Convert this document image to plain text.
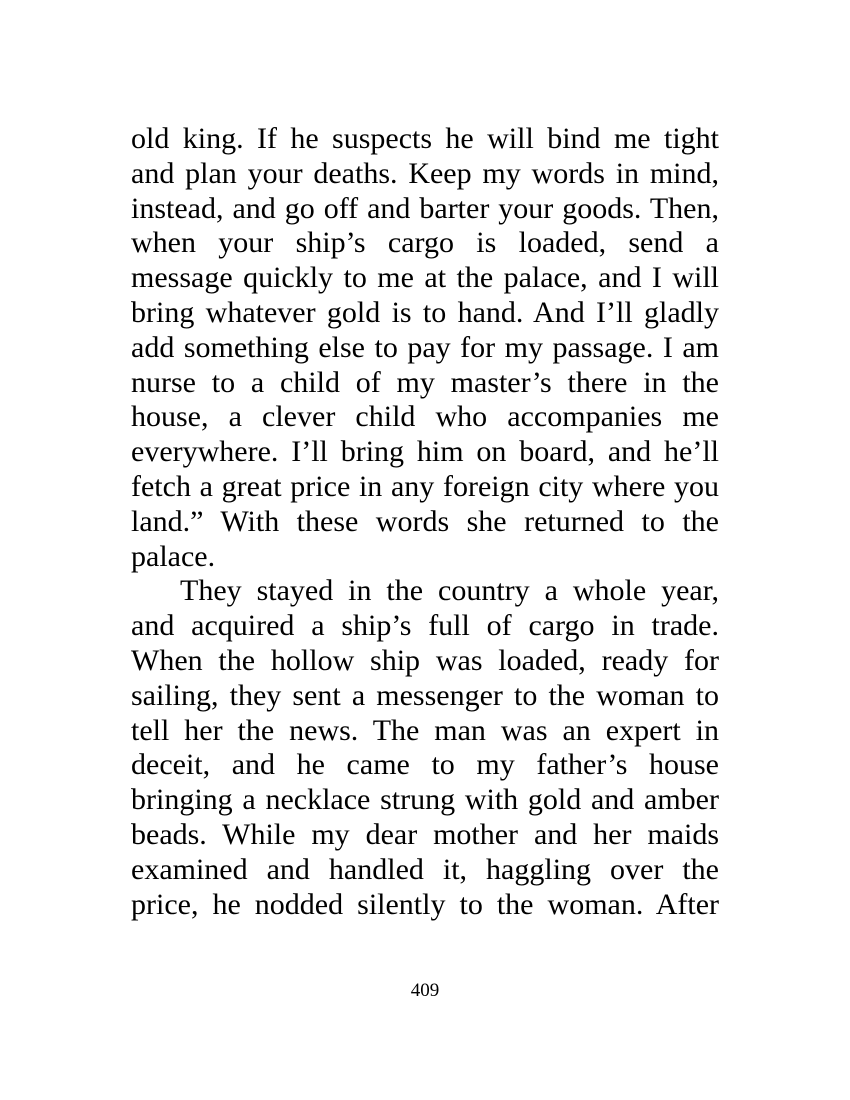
old king. If he suspects he will bind me tight
and plan your deaths. Keep my words in mind,
instead, and go off and barter your goods. Then,
when your ship’s cargo is loaded, send a
message quickly to me at the palace, and I will
bring whatever gold is to hand. And I’ll gladly
add something else to pay for my passage. I am
nurse to a child of my master’s there in the
house, a clever child who accompanies me
everywhere. I’ll bring him on board, and he’ll
fetch a great price in any foreign city where you
land.” With these words she returned to the
palace.
They stayed in the country a whole year,
and acquired a ship’s full of cargo in trade.
When the hollow ship was loaded, ready for
sailing, they sent a messenger to the woman to
tell her the news. The man was an expert in
deceit, and he came to my father’s house
bringing a necklace strung with gold and amber
beads. While my dear mother and her maids
examined and handled it, haggling over the
price, he nodded silently to the woman. After
409
